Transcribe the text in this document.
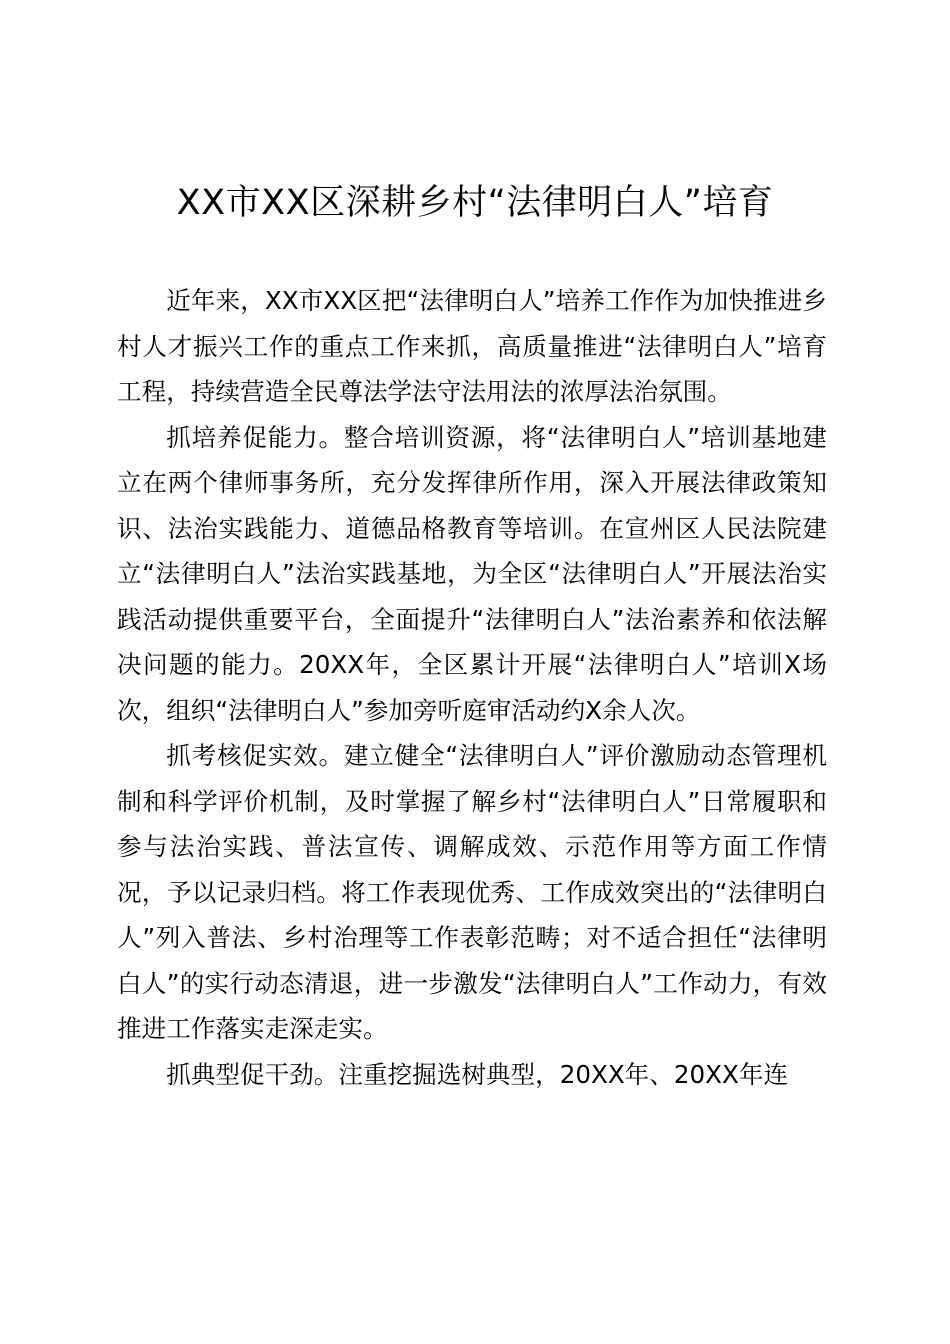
XX市XX区深耕乡村“法律明白人”培育

近年来，XX市XX区把“法律明白人”培养工作作为加快推进乡村人才振兴工作的重点工作来抓，高质量推进“法律明白人”培育工程，持续营造全民尊法学法守法用法的浓厚法治氛围。

抓培养促能力。整合培训资源，将“法律明白人”培训基地建立在两个律师事务所，充分发挥律所作用，深入开展法律政策知识、法治实践能力、道德品格教育等培训。在宣州区人民法院建立“法律明白人”法治实践基地，为全区“法律明白人”开展法治实践活动提供重要平台，全面提升“法律明白人”法治素养和依法解决问题的能力。20XX年，全区累计开展“法律明白人”培训X场次，组织“法律明白人”参加旁听庭审活动约X余人次。

抓考核促实效。建立健全“法律明白人”评价激励动态管理机制和科学评价机制，及时掌握了解乡村“法律明白人”日常履职和参与法治实践、普法宣传、调解成效、示范作用等方面工作情况，予以记录归档。将工作表现优秀、工作成效突出的“法律明白人”列入普法、乡村治理等工作表彰范畴；对不适合担任“法律明白人”的实行动态清退，进一步激发“法律明白人”工作动力，有效推进工作落实走深走实。

抓典型促干劲。注重挖掘选树典型，20XX年、20XX年连
